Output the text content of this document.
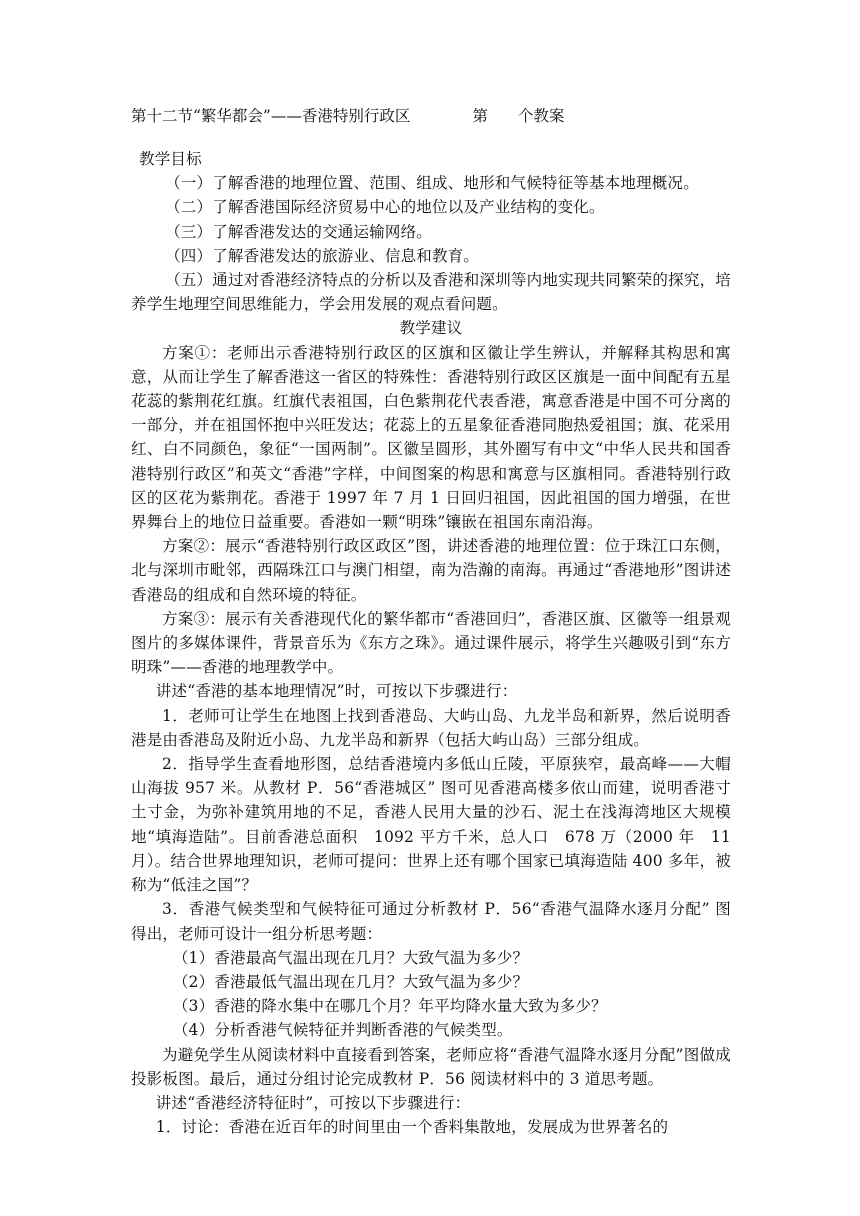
第十二节“繁华都会”——香港特别行政区	第 个教案

教学目标

（一）了解香港的地理位置、范围、组成、地形和气候特征等基本地理概况。

（二）了解香港国际经济贸易中心的地位以及产业结构的变化。

（三）了解香港发达的交通运输网络。

（四）了解香港发达的旅游业、信息和教育。

（五）通过对香港经济特点的分析以及香港和深圳等内地实现共同繁荣的探究，培养学生地理空间思维能力，学会用发展的观点看问题。

教学建议

方案①：老师出示香港特别行政区的区旗和区徽让学生辨认，并解释其构思和寓意，从而让学生了解香港这一省区的特殊性：香港特别行政区区旗是一面中间配有五星花蕊的紫荆花红旗。红旗代表祖国，白色紫荆花代表香港，寓意香港是中国不可分离的一部分，并在祖国怀抱中兴旺发达；花蕊上的五星象征香港同胞热爱祖国；旗、花采用红、白不同颜色，象征“一国两制”。区徽呈圆形，其外圈写有中文“中华人民共和国香港特别行政区”和英文“香港”字样，中间图案的构思和寓意与区旗相同。香港特别行政区的区花为紫荆花。香港于 1997 年 7 月 1 日回归祖国，因此祖国的国力增强，在世界舞台上的地位日益重要。香港如一颗“明珠”镶嵌在祖国东南沿海。

方案②：展示“香港特别行政区政区”图，讲述香港的地理位置：位于珠江口东侧，北与深圳市毗邻，西隔珠江口与澳门相望，南为浩瀚的南海。再通过“香港地形”图讲述香港岛的组成和自然环境的特征。

方案③：展示有关香港现代化的繁华都市“香港回归”，香港区旗、区徽等一组景观图片的多媒体课件，背景音乐为《东方之珠》。通过课件展示，将学生兴趣吸引到“东方明珠”——香港的地理教学中。

讲述“香港的基本地理情况”时，可按以下步骤进行：

1．老师可让学生在地图上找到香港岛、大屿山岛、九龙半岛和新界，然后说明香港是由香港岛及附近小岛、九龙半岛和新界（包括大屿山岛）三部分组成。

2．指导学生查看地形图，总结香港境内多低山丘陵，平原狭窄，最高峰——大帽山海拔 957 米。从教材 P．56“香港城区” 图可见香港高楼多依山而建，说明香港寸土寸金，为弥补建筑用地的不足，香港人民用大量的沙石、泥土在浅海湾地区大规模地“填海造陆”。目前香港总面积　1092 平方千米，总人口　678 万（2000 年　11 月）。结合世界地理知识，老师可提问：世界上还有哪个国家已填海造陆 400 多年，被称为“低洼之国”？

3．香港气候类型和气候特征可通过分析教材 P．56“香港气温降水逐月分配” 图得出，老师可设计一组分析思考题：

（1）香港最高气温出现在几月？大致气温为多少？

（2）香港最低气温出现在几月？大致气温为多少？

（3）香港的降水集中在哪几个月？年平均降水量大致为多少？

（4）分析香港气候特征并判断香港的气候类型。

为避免学生从阅读材料中直接看到答案，老师应将“香港气温降水逐月分配”图做成投影板图。最后，通过分组讨论完成教材 P．56 阅读材料中的 3 道思考题。

讲述“香港经济特征时”，可按以下步骤进行：

1．讨论：香港在近百年的时间里由一个香料集散地，发展成为世界著名的
